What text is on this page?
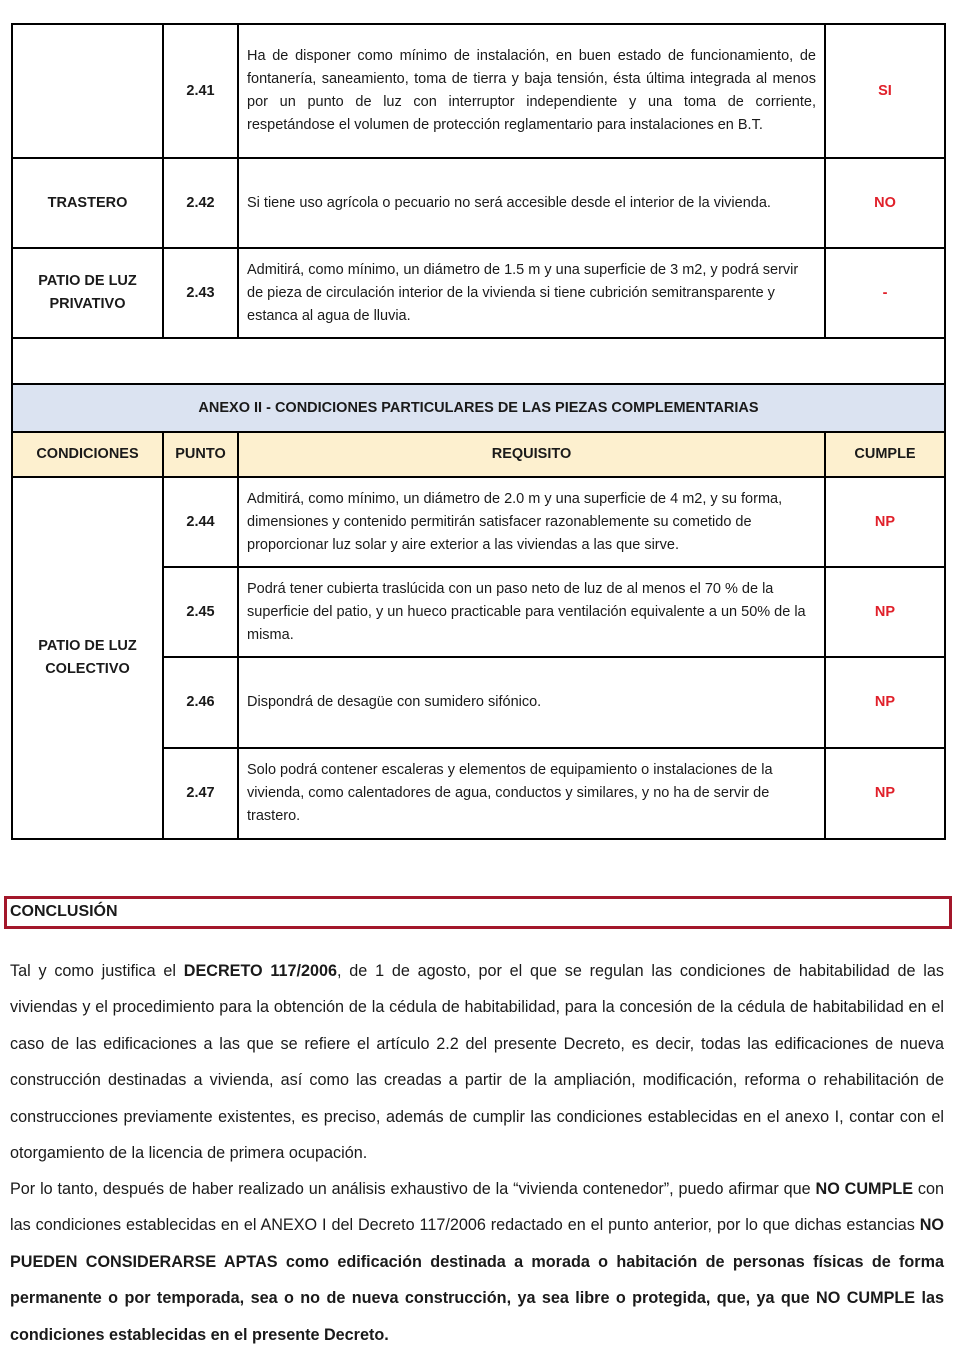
	2.41	Ha de disponer como mínimo de instalación, en buen estado de funcionamiento, de fontanería, saneamiento, toma de tierra y baja tensión, ésta última integrada al menos por un punto de luz con interruptor independiente y una toma de corriente, respetándose el volumen de protección reglamentario para instalaciones en B.T.	SI
TRASTERO	2.42	Si tiene uso agrícola o pecuario no será accesible desde el interior de la vivienda.	NO
PATIO DE LUZ PRIVATIVO	2.43	Admitirá, como mínimo, un diámetro de 1.5 m y una superficie de 3 m2, y podrá servir de pieza de circulación interior de la vivienda si tiene cubrición semitransparente y estanca al agua de lluvia.	-

ANEXO II - CONDICIONES PARTICULARES DE LAS PIEZAS COMPLEMENTARIAS			
CONDICIONES	PUNTO	REQUISITO	CUMPLE
PATIO DE LUZ COLECTIVO	2.44	Admitirá, como mínimo, un diámetro de 2.0 m y una superficie de 4 m2, y su forma, dimensiones y contenido permitirán satisfacer razonablemente su cometido de proporcionar luz solar y aire exterior a las viviendas a las que sirve.	NP
	2.45	Podrá tener cubierta traslúcida con un paso neto de luz de al menos el 70 % de la superficie del patio, y un hueco practicable para ventilación equivalente a un 50% de la misma.	NP
	2.46	Dispondrá de desagüe con sumidero sifónico.	NP
	2.47	Solo podrá contener escaleras y elementos de equipamiento o instalaciones de la vivienda, como calentadores de agua, conductos y similares, y no ha de servir de trastero.	NP
CONCLUSIÓN

Tal y como justifica el DECRETO 117/2006, de 1 de agosto, por el que se regulan las condiciones de habitabilidad de las viviendas y el procedimiento para la obtención de la cédula de habitabilidad, para la concesión de la cédula de habitabilidad en el caso de las edificaciones a las que se refiere el artículo 2.2 del presente Decreto, es decir, todas las edificaciones de nueva construcción destinadas a vivienda, así como las creadas a partir de la ampliación, modificación, reforma o rehabilitación de construcciones previamente existentes, es preciso, además de cumplir las condiciones establecidas en el anexo I, contar con el otorgamiento de la licencia de primera ocupación.

Por lo tanto, después de haber realizado un análisis exhaustivo de la “vivienda contenedor”, puedo afirmar que NO CUMPLE con las condiciones establecidas en el ANEXO I del Decreto 117/2006 redactado en el punto anterior, por lo que dichas estancias NO PUEDEN CONSIDERARSE APTAS como edificación destinada a morada o habitación de personas físicas de forma permanente o por temporada, sea o no de nueva construcción, ya sea libre o protegida, que, ya que NO CUMPLE las condiciones establecidas en el presente Decreto.
